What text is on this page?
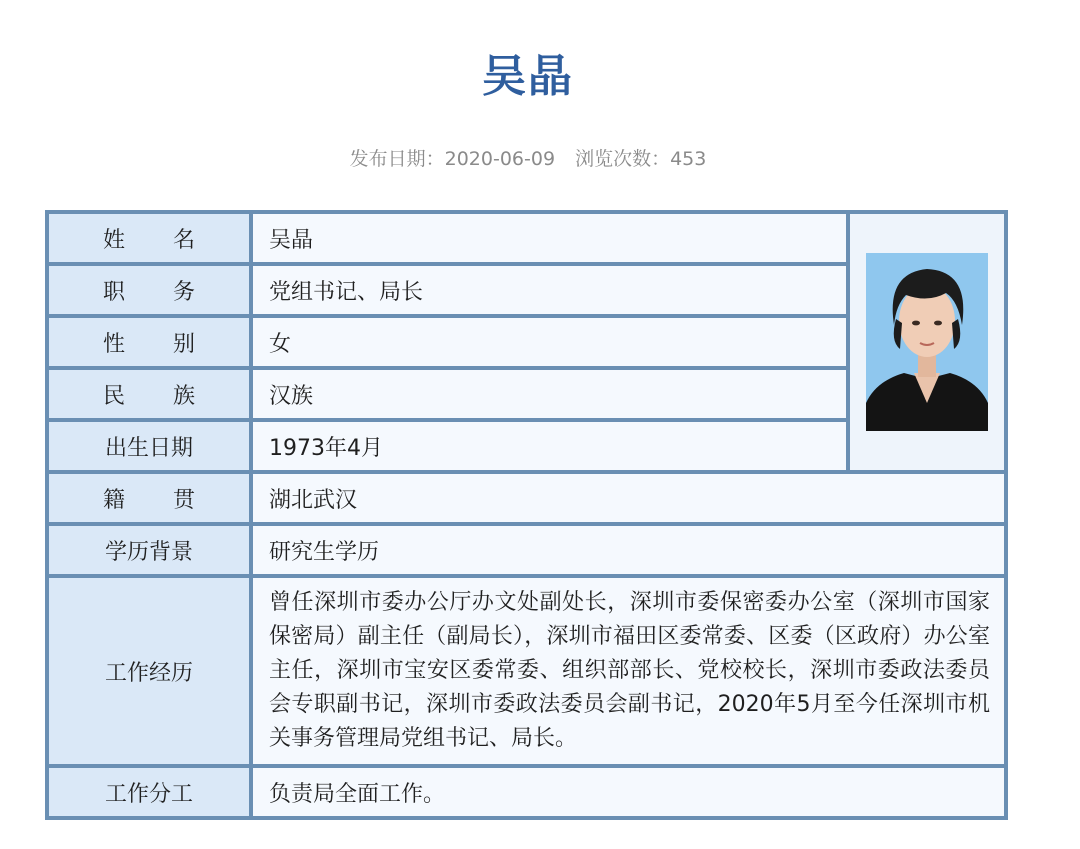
吴晶
发布日期：2020-06-09 浏览次数：453
姓名	吴晶	
职务	党组书记、局长	
性别	女	
民族	汉族	
出生日期	1973年4月	
籍贯	湖北武汉	
学历背景	研究生学历	
工作经历	曾任深圳市委办公厅办文处副处长，深圳市委保密委办公室（深圳市国家保密局）副主任（副局长），深圳市福田区委常委、区委（区政府）办公室主任，深圳市宝安区委常委、组织部部长、党校校长，深圳市委政法委员会专职副书记，深圳市委政法委员会副书记，2020年5月至今任深圳市机关事务管理局党组书记、局长。	
工作分工	负责局全面工作。	
